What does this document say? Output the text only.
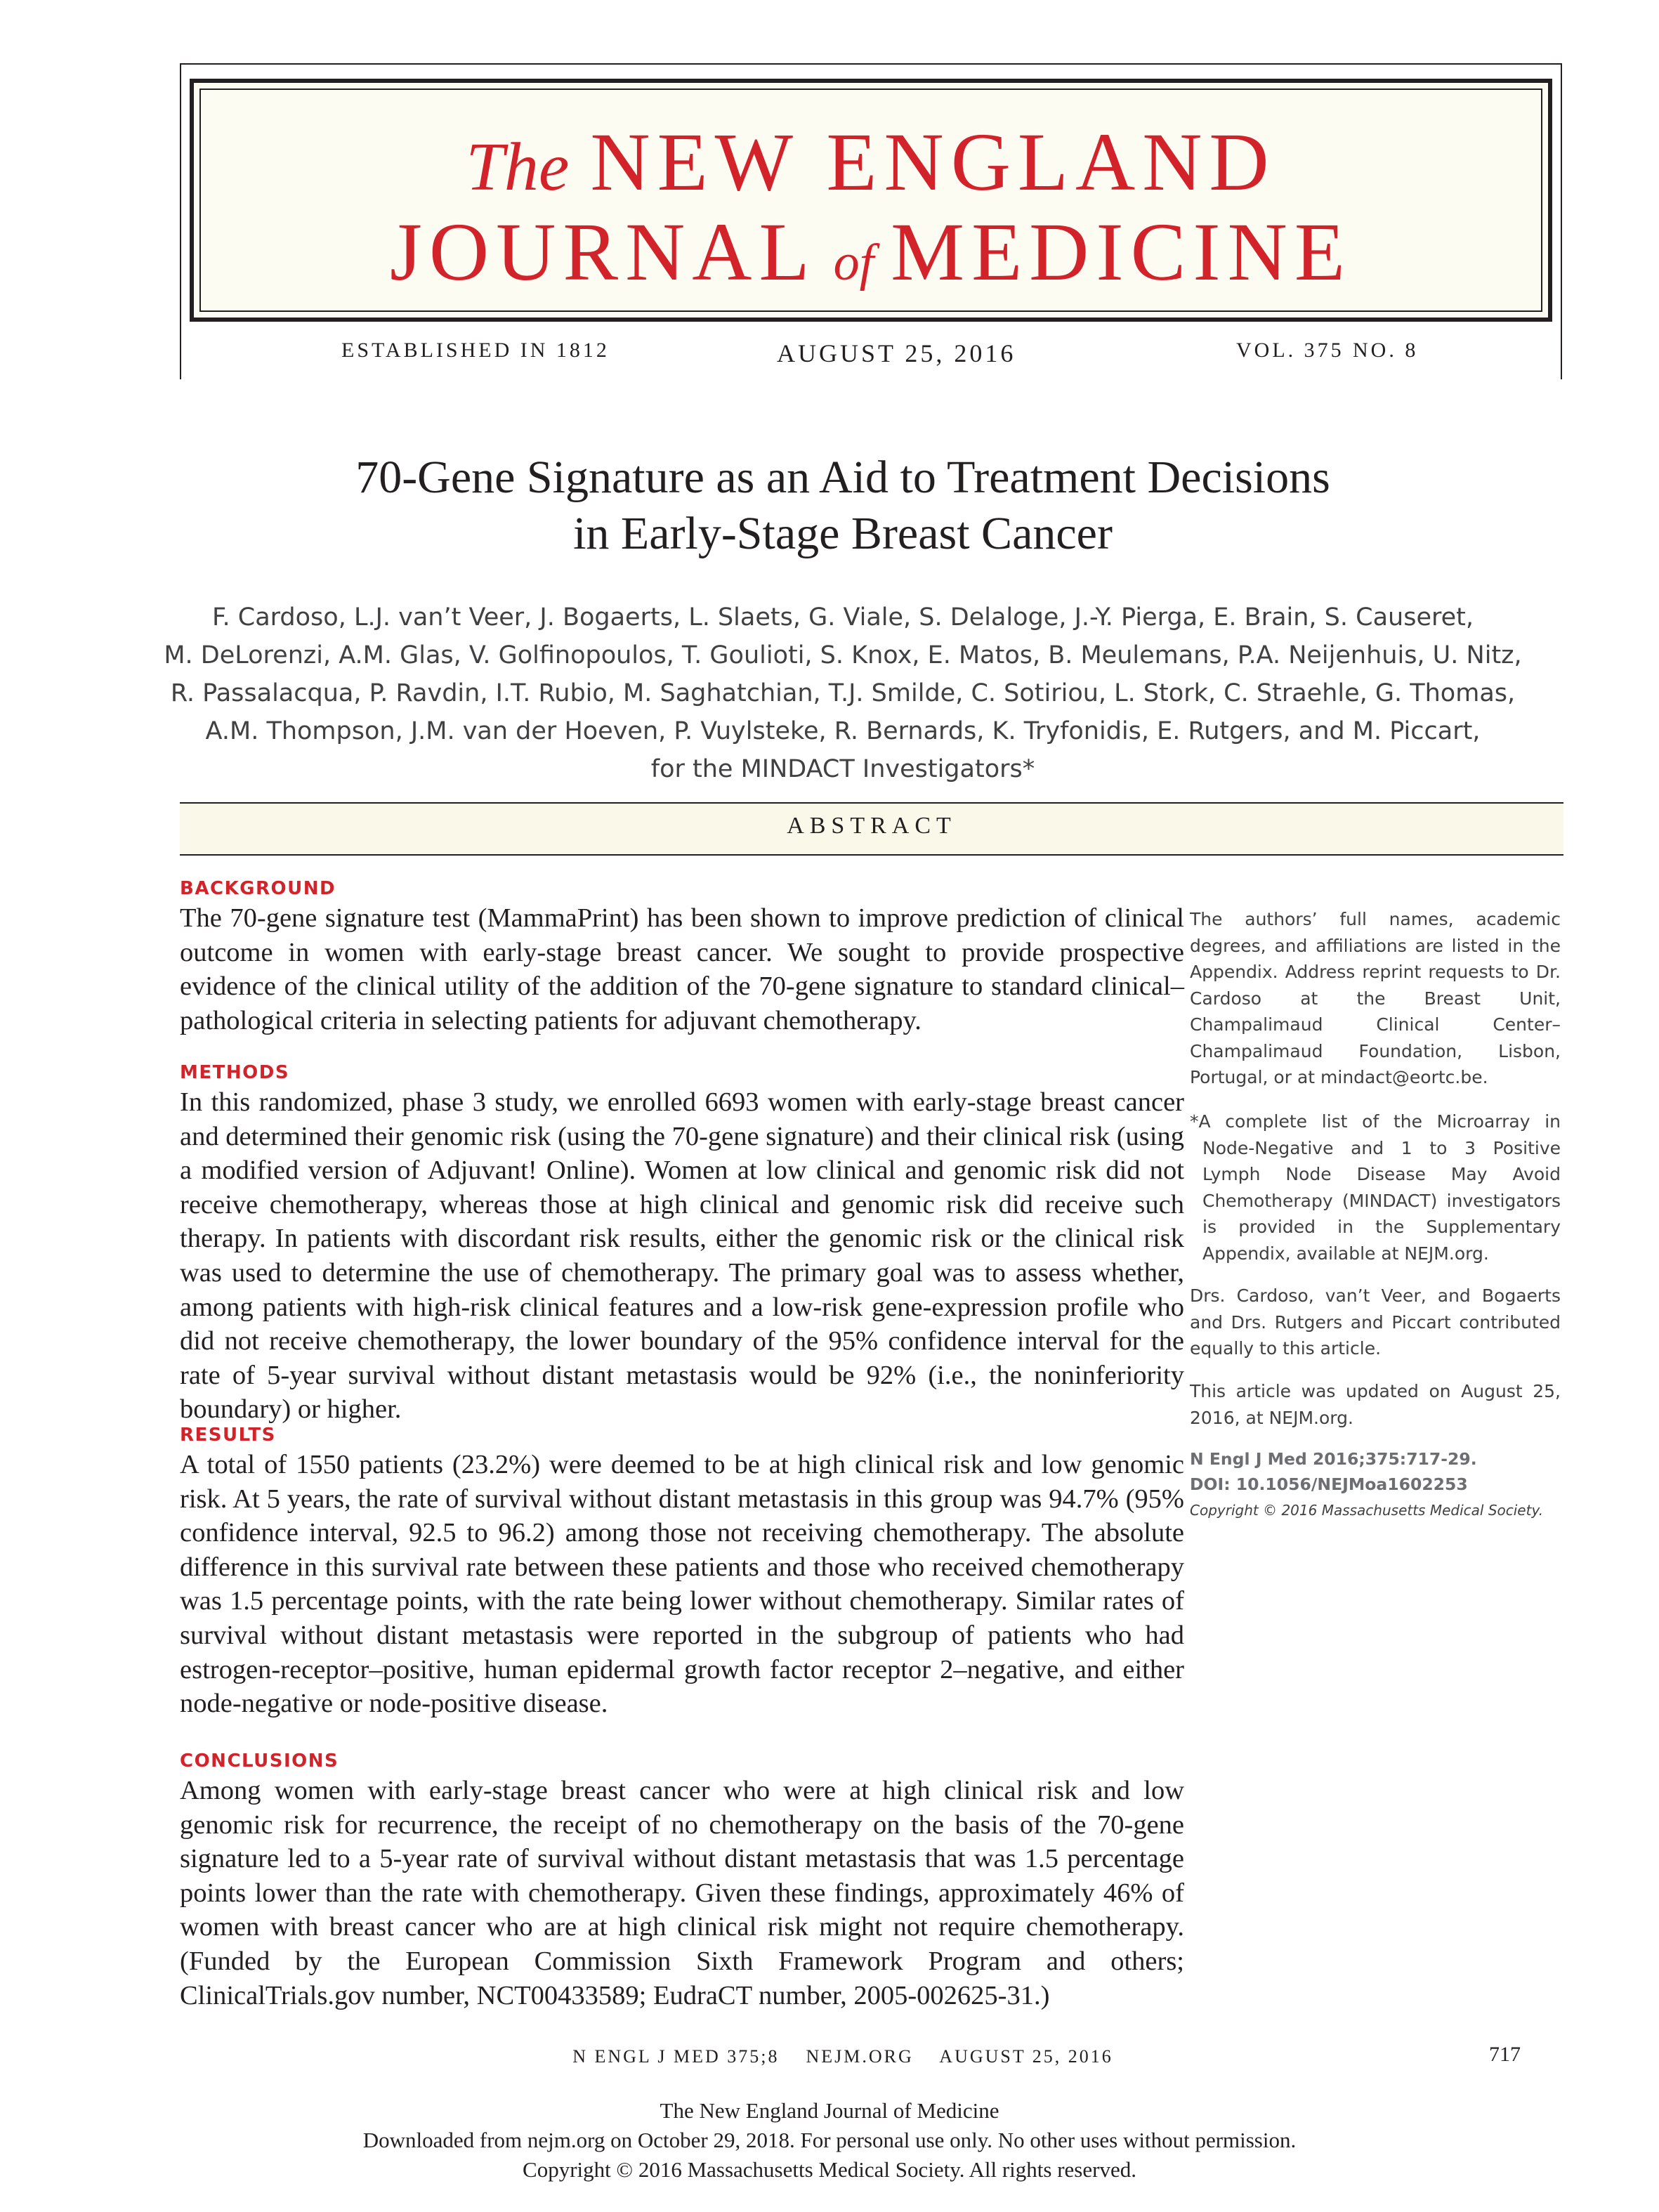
The NEW ENGLAND
JOURNAL of MEDICINE
ESTABLISHED IN 1812	AUGUST 25, 2016	VOL. 375 NO. 8
70-Gene Signature as an Aid to Treatment Decisions
in Early-Stage Breast Cancer
F. Cardoso, L.J. van’t Veer, J. Bogaerts, L. Slaets, G. Viale, S. Delaloge, J.-Y. Pierga, E. Brain, S. Causeret,
M. DeLorenzi, A.M. Glas, V. Golfinopoulos, T. Goulioti, S. Knox, E. Matos, B. Meulemans, P.A. Neijenhuis, U. Nitz,
R. Passalacqua, P. Ravdin, I.T. Rubio, M. Saghatchian, T.J. Smilde, C. Sotiriou, L. Stork, C. Straehle, G. Thomas,
A.M. Thompson, J.M. van der Hoeven, P. Vuylsteke, R. Bernards, K. Tryfonidis, E. Rutgers, and M. Piccart,
for the MINDACT Investigators*
ABSTRACT
BACKGROUND
The 70-gene signature test (MammaPrint) has been shown to improve prediction of clinical outcome in women with early-stage breast cancer. We sought to provide prospective evidence of the clinical utility of the addition of the 70-gene signature to standard clinical–pathological criteria in selecting patients for adjuvant chemotherapy.
METHODS
In this randomized, phase 3 study, we enrolled 6693 women with early-stage breast cancer and determined their genomic risk (using the 70-gene signature) and their clinical risk (using a modified version of Adjuvant! Online). Women at low clinical and genomic risk did not receive chemotherapy, whereas those at high clinical and genomic risk did receive such therapy. In patients with discordant risk results, either the genomic risk or the clinical risk was used to determine the use of chemotherapy. The primary goal was to assess whether, among patients with high-risk clinical features and a low-risk gene-expression profile who did not receive chemotherapy, the lower boundary of the 95% confidence interval for the rate of 5-year survival without distant metastasis would be 92% (i.e., the noninferiority boundary) or higher.
RESULTS
A total of 1550 patients (23.2%) were deemed to be at high clinical risk and low genomic risk. At 5 years, the rate of survival without distant metastasis in this group was 94.7% (95% confidence interval, 92.5 to 96.2) among those not receiving chemotherapy. The absolute difference in this survival rate between these patients and those who received chemotherapy was 1.5 percentage points, with the rate being lower without chemotherapy. Similar rates of survival without distant metastasis were reported in the subgroup of patients who had estrogen-receptor–positive, human epidermal growth factor receptor 2–negative, and either node-negative or node-positive disease.
CONCLUSIONS
Among women with early-stage breast cancer who were at high clinical risk and low genomic risk for recurrence, the receipt of no chemotherapy on the basis of the 70-gene signature led to a 5-year rate of survival without distant metastasis that was 1.5 percentage points lower than the rate with chemotherapy. Given these findings, approximately 46% of women with breast cancer who are at high clinical risk might not require chemotherapy. (Funded by the European Commission Sixth Framework Program and others; ClinicalTrials.gov number, NCT00433589; EudraCT number, 2005-002625-31.)
The authors’ full names, academic degrees, and affiliations are listed in the Appendix. Address reprint requests to Dr. Cardoso at the Breast Unit, Champalimaud Clinical Center–Champalimaud Foundation, Lisbon, Portugal, or at mindact@eortc.be.
*A complete list of the Microarray in Node-Negative and 1 to 3 Positive Lymph Node Disease May Avoid Chemotherapy (MINDACT) investigators is provided in the Supplementary Appendix, available at NEJM.org.
Drs. Cardoso, van’t Veer, and Bogaerts and Drs. Rutgers and Piccart contributed equally to this article.
This article was updated on August 25, 2016, at NEJM.org.
N Engl J Med 2016;375:717-29.
DOI: 10.1056/NEJMoa1602253
Copyright © 2016 Massachusetts Medical Society.
N ENGL J MED 375;8    NEJM.ORG    AUGUST 25, 2016	717
The New England Journal of Medicine
Downloaded from nejm.org on October 29, 2018. For personal use only. No other uses without permission.
Copyright © 2016 Massachusetts Medical Society. All rights reserved.
